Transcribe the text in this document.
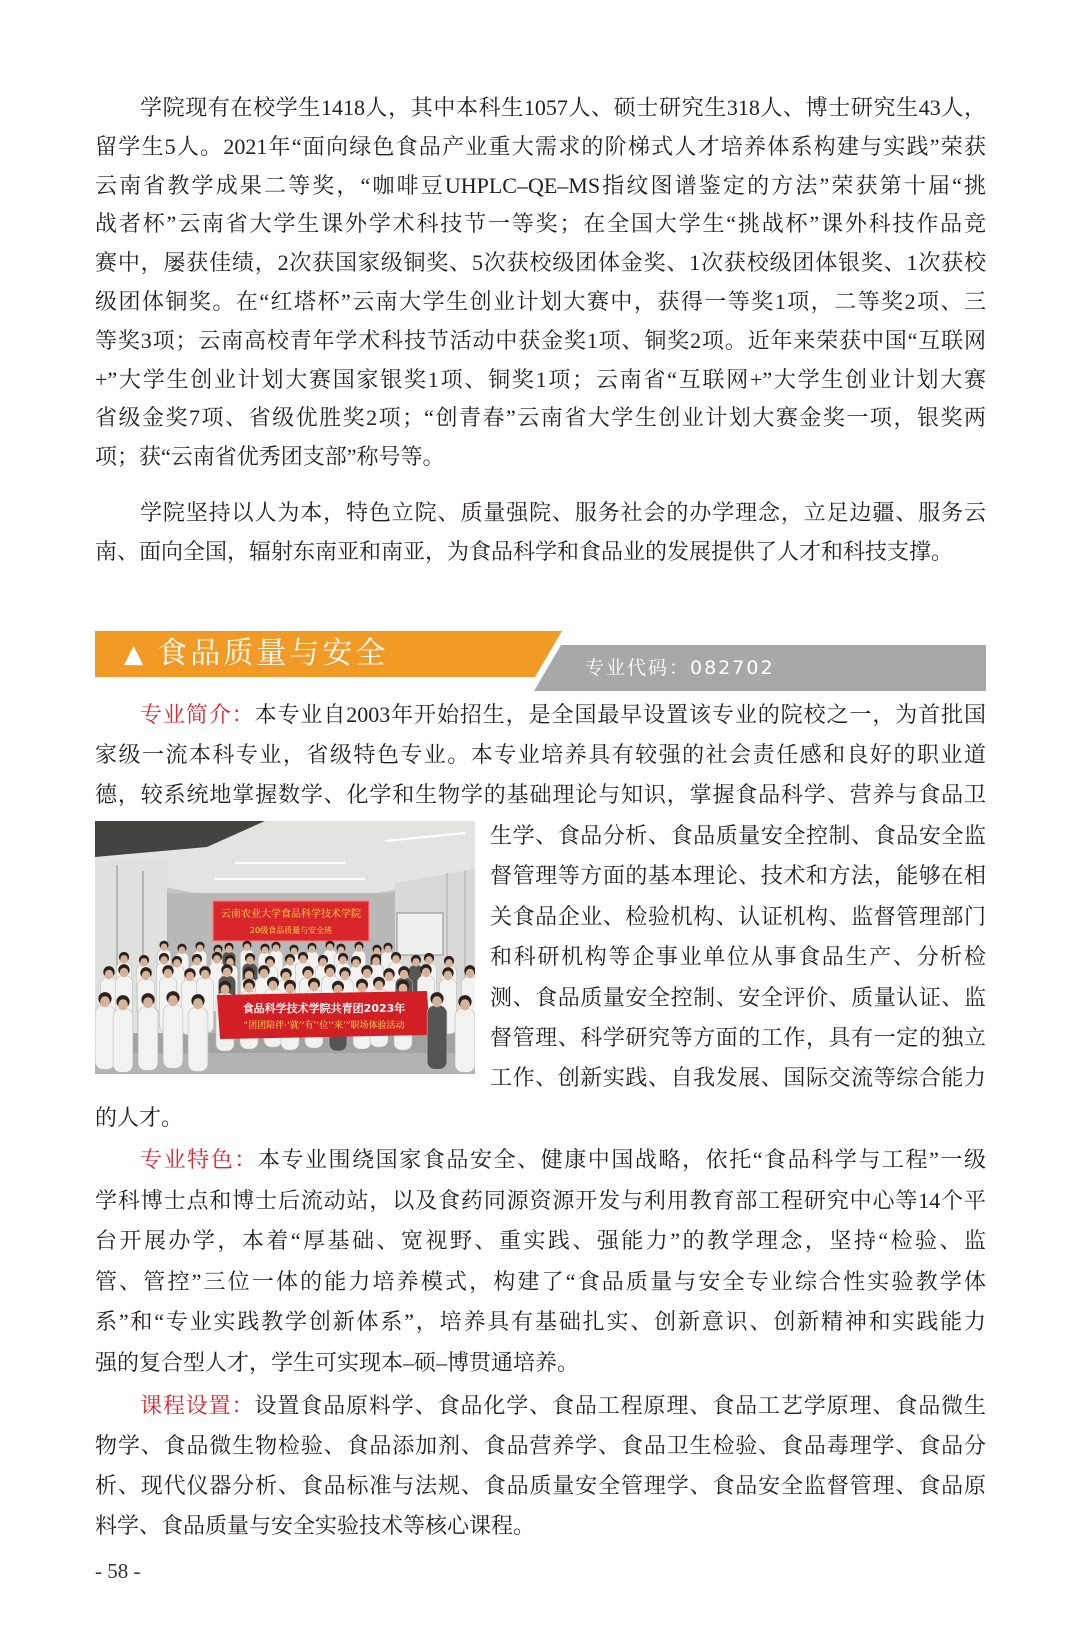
学院现有在校学生1418人，其中本科生1057人、硕士研究生318人、博士研究生43人，
留学生5人。2021年“面向绿色食品产业重大需求的阶梯式人才培养体系构建与实践”荣获
云南省教学成果二等奖，“咖啡豆UHPLC–QE–MS指纹图谱鉴定的方法”荣获第十届“挑
战者杯”云南省大学生课外学术科技节一等奖；在全国大学生“挑战杯”课外科技作品竞
赛中，屡获佳绩，2次获国家级铜奖、5次获校级团体金奖、1次获校级团体银奖、1次获校
级团体铜奖。在“红塔杯”云南大学生创业计划大赛中，获得一等奖1项，二等奖2项、三
等奖3项；云南高校青年学术科技节活动中获金奖1项、铜奖2项。近年来荣获中国“互联网
+”大学生创业计划大赛国家银奖1项、铜奖1项；云南省“互联网+”大学生创业计划大赛
省级金奖7项、省级优胜奖2项；“创青春”云南省大学生创业计划大赛金奖一项，银奖两
项；获“云南省优秀团支部”称号等。
学院坚持以人为本，特色立院、质量强院、服务社会的办学理念，立足边疆、服务云
南、面向全国，辐射东南亚和南亚，为食品科学和食品业的发展提供了人才和科技支撑。
▲ 食品质量与安全	专业代码：082702
专业简介：本专业自2003年开始招生，是全国最早设置该专业的院校之一，为首批国
家级一流本科专业，省级特色专业。本专业培养具有较强的社会责任感和良好的职业道
德，较系统地掌握数学、化学和生物学的基础理论与知识，掌握食品科学、营养与食品卫
云南农业大学食品科学技术学院
20级食品质量与安全班
食品科学技术学院共青团2023年
“团团陪伴·‘就’‘有’‘位’‘来’”职场体验活动
生学、食品分析、食品质量安全控制、食品安全监
督管理等方面的基本理论、技术和方法，能够在相
关食品企业、检验机构、认证机构、监督管理部门
和科研机构等企事业单位从事食品生产、分析检
测、食品质量安全控制、安全评价、质量认证、监
督管理、科学研究等方面的工作，具有一定的独立
工作、创新实践、自我发展、国际交流等综合能力
的人才。
专业特色：本专业围绕国家食品安全、健康中国战略，依托“食品科学与工程”一级
学科博士点和博士后流动站，以及食药同源资源开发与利用教育部工程研究中心等14个平
台开展办学，本着“厚基础、宽视野、重实践、强能力”的教学理念，坚持“检验、监
管、管控”三位一体的能力培养模式，构建了“食品质量与安全专业综合性实验教学体
系”和“专业实践教学创新体系”，培养具有基础扎实、创新意识、创新精神和实践能力
强的复合型人才，学生可实现本–硕–博贯通培养。
课程设置：设置食品原料学、食品化学、食品工程原理、食品工艺学原理、食品微生
物学、食品微生物检验、食品添加剂、食品营养学、食品卫生检验、食品毒理学、食品分
析、现代仪器分析、食品标准与法规、食品质量安全管理学、食品安全监督管理、食品原
料学、食品质量与安全实验技术等核心课程。
- 58 -
